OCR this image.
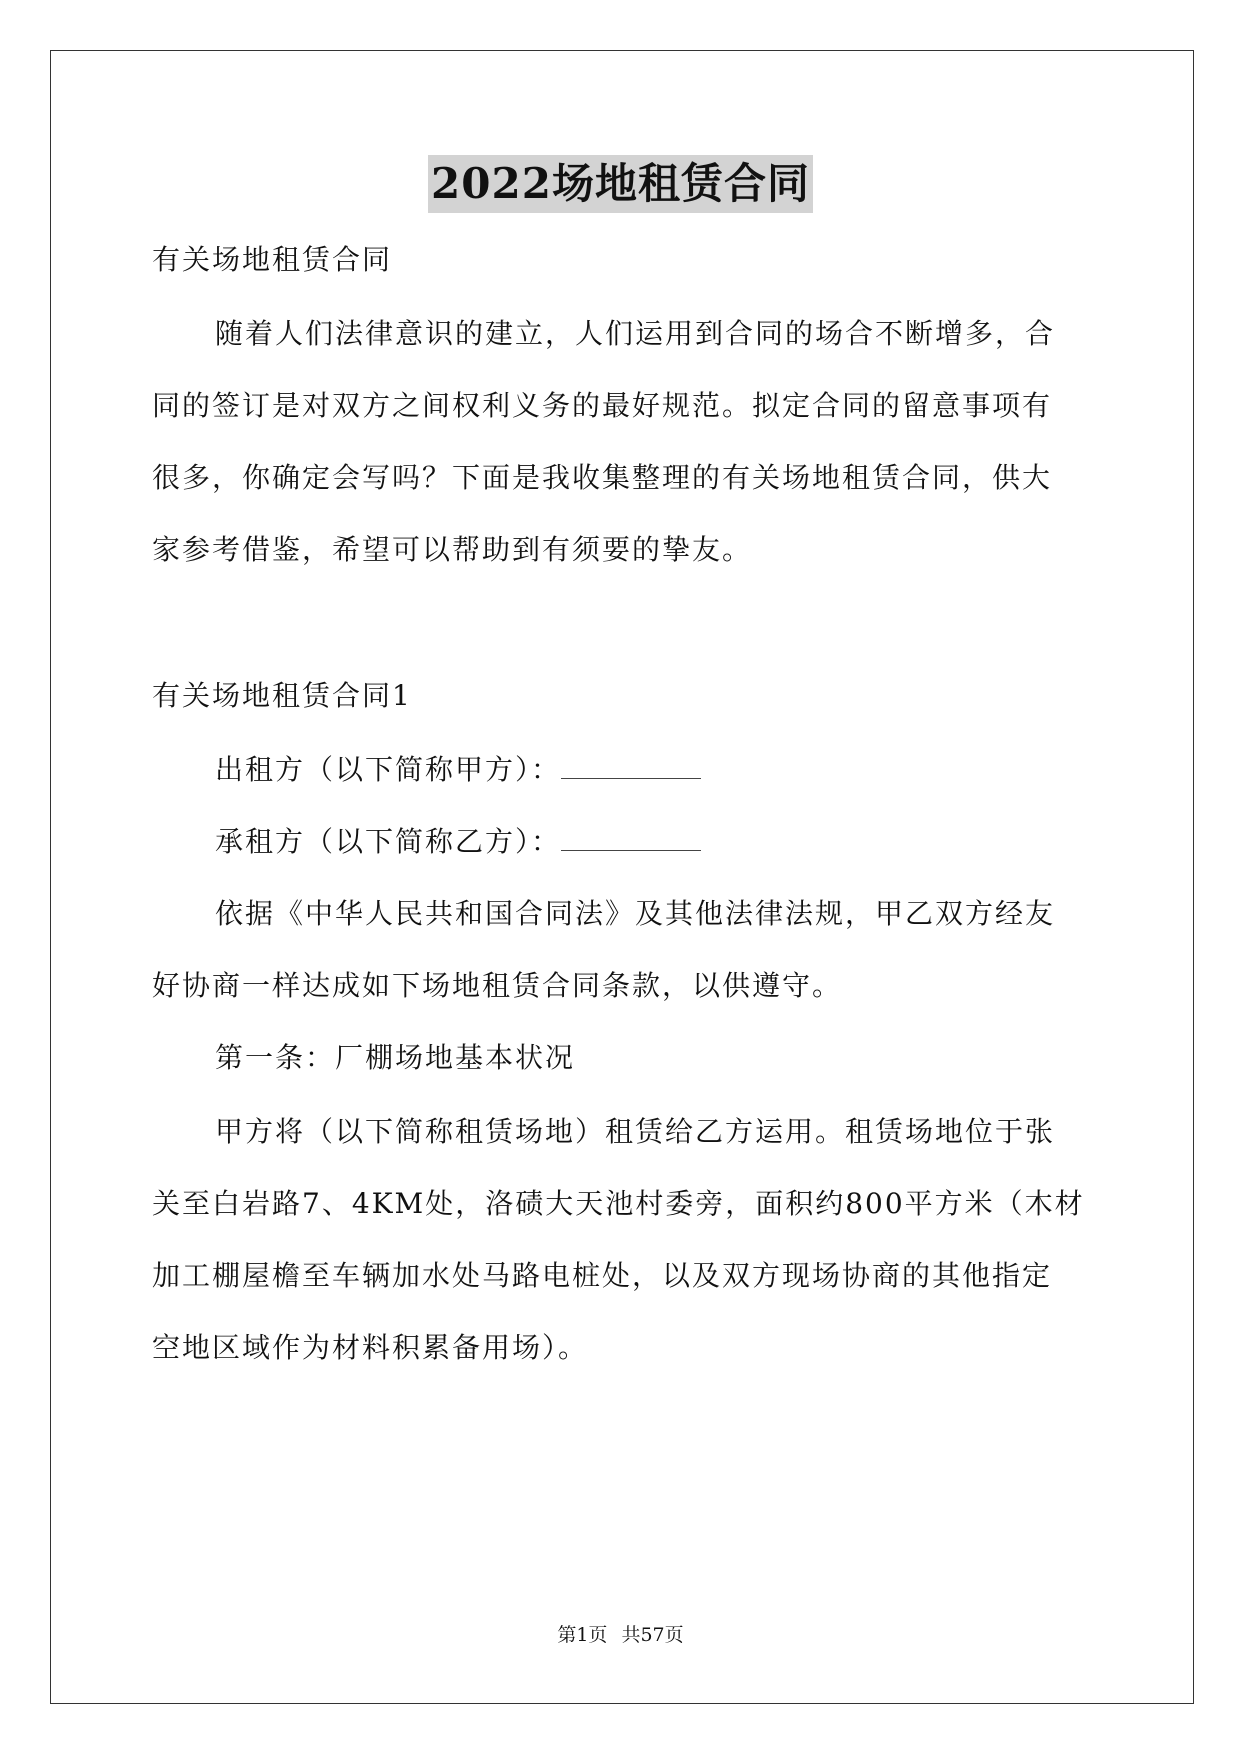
2022场地租赁合同
有关场地租赁合同
随着人们法律意识的建立，人们运用到合同的场合不断增多，合
同的签订是对双方之间权利义务的最好规范。拟定合同的留意事项有
很多，你确定会写吗？下面是我收集整理的有关场地租赁合同，供大
家参考借鉴，希望可以帮助到有须要的挚友。
有关场地租赁合同1
出租方（以下简称甲方）：
承租方（以下简称乙方）：
依据《中华人民共和国合同法》及其他法律法规，甲乙双方经友
好协商一样达成如下场地租赁合同条款，以供遵守。
第一条：厂棚场地基本状况
甲方将（以下简称租赁场地）租赁给乙方运用。租赁场地位于张
关至白岩路7、4KM处，洛碛大天池村委旁，面积约800平方米（木材
加工棚屋檐至车辆加水处马路电桩处，以及双方现场协商的其他指定
空地区域作为材料积累备用场）。
第1页 共57页
